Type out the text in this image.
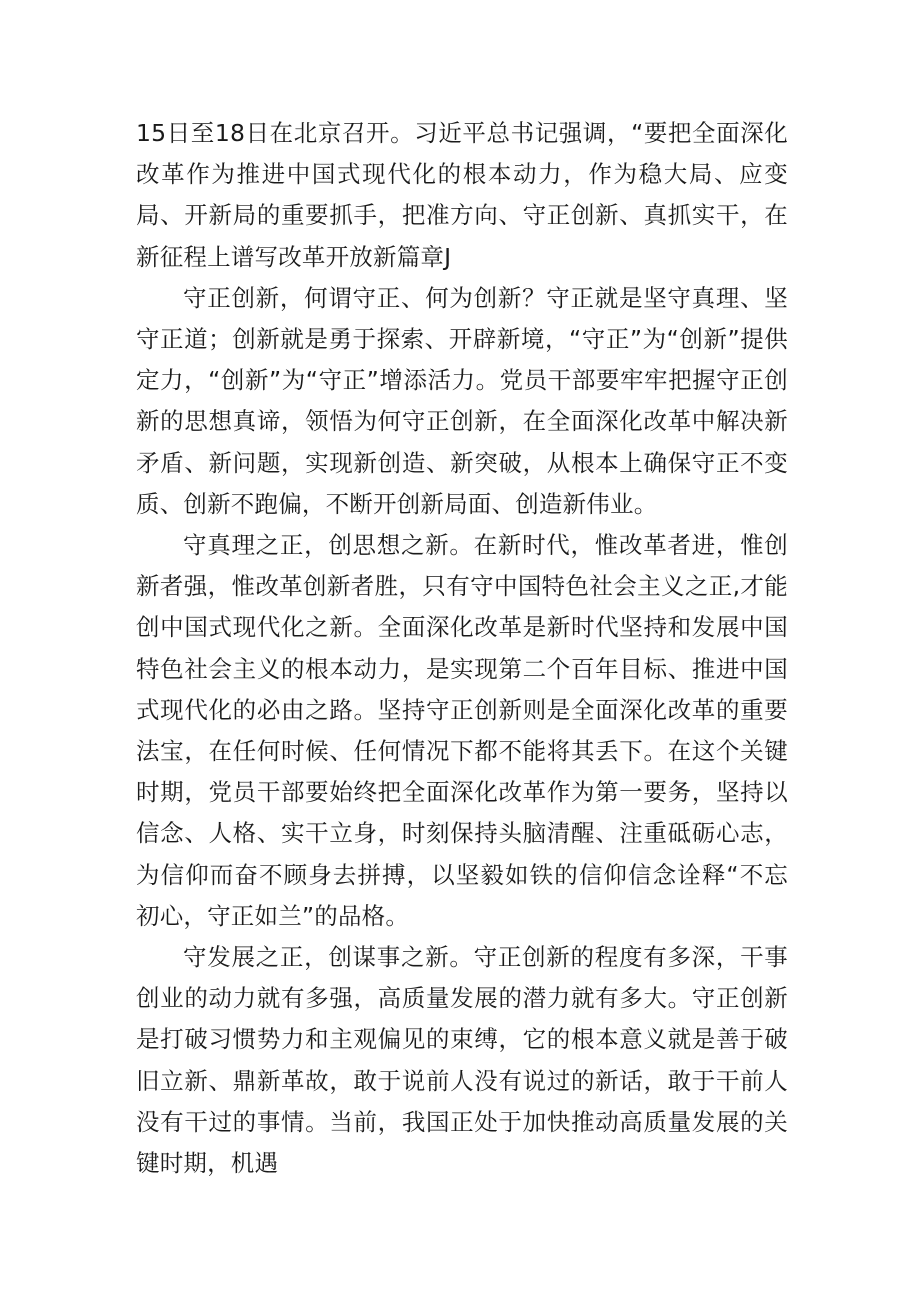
15日至18日在北京召开。习近平总书记强调，“要把全面深化改革作为推进中国式现代化的根本动力，作为稳大局、应变局、开新局的重要抓手，把准方向、守正创新、真抓实干，在新征程上谱写改革开放新篇章J

守正创新，何谓守正、何为创新？守正就是坚守真理、坚守正道；创新就是勇于探索、开辟新境，“守正”为“创新”提供定力，“创新”为“守正”增添活力。党员干部要牢牢把握守正创新的思想真谛，领悟为何守正创新，在全面深化改革中解决新矛盾、新问题，实现新创造、新突破，从根本上确保守正不变质、创新不跑偏，不断开创新局面、创造新伟业。

守真理之正，创思想之新。在新时代，惟改革者进，惟创新者强，惟改革创新者胜，只有守中国特色社会主义之正,才能创中国式现代化之新。全面深化改革是新时代坚持和发展中国特色社会主义的根本动力，是实现第二个百年目标、推进中国式现代化的必由之路。坚持守正创新则是全面深化改革的重要法宝，在任何时候、任何情况下都不能将其丢下。在这个关键时期，党员干部要始终把全面深化改革作为第一要务，坚持以信念、人格、实干立身，时刻保持头脑清醒、注重砥砺心志，为信仰而奋不顾身去拼搏，以坚毅如铁的信仰信念诠释“不忘初心，守正如兰”的品格。

守发展之正，创谋事之新。守正创新的程度有多深，干事创业的动力就有多强，高质量发展的潜力就有多大。守正创新是打破习惯势力和主观偏见的束缚，它的根本意义就是善于破旧立新、鼎新革故，敢于说前人没有说过的新话，敢于干前人没有干过的事情。当前，我国正处于加快推动高质量发展的关键时期，机遇
